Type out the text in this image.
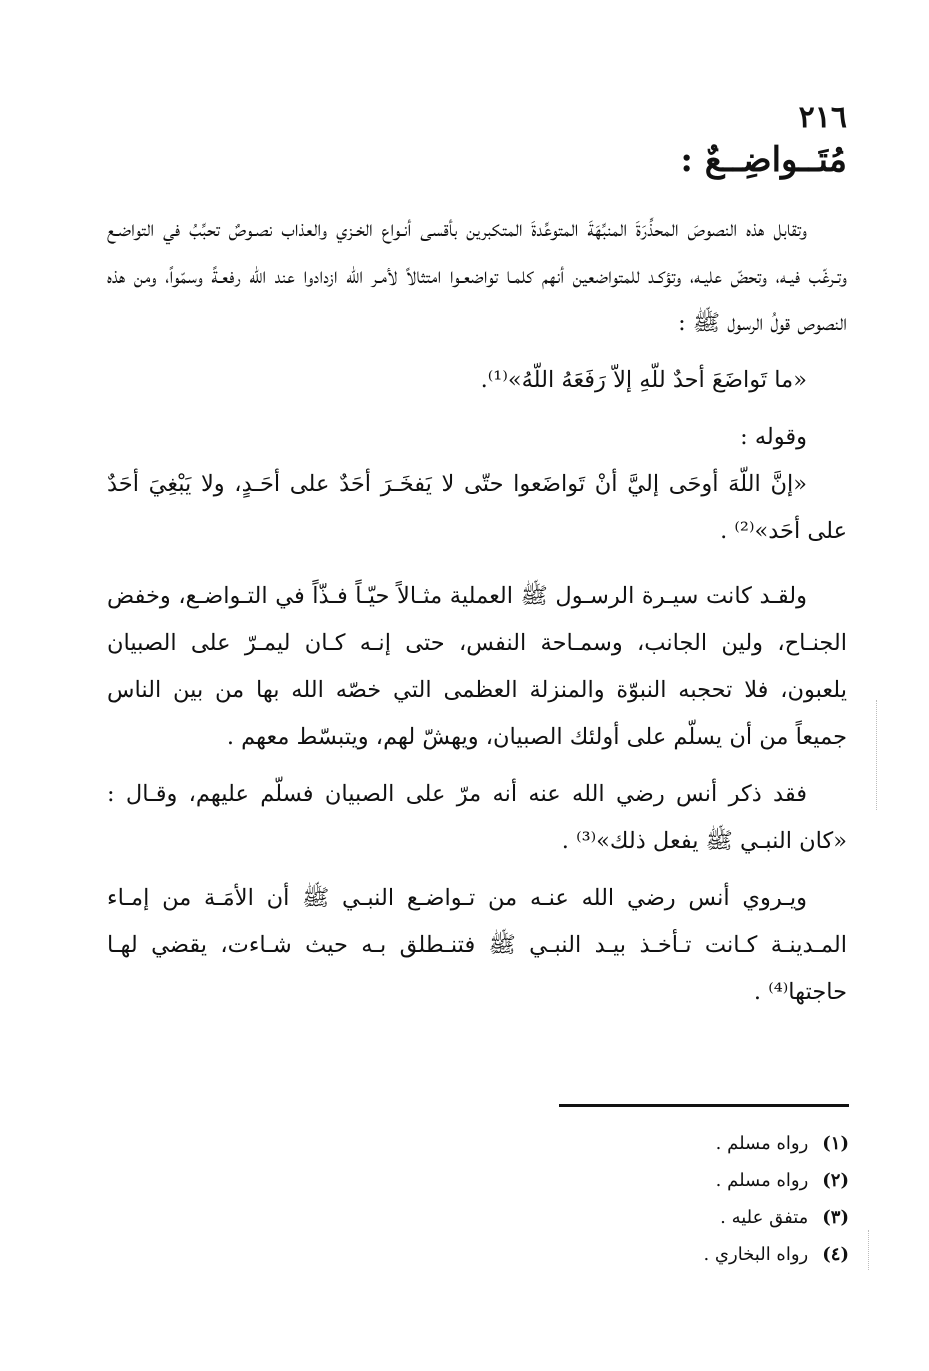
٢١٦

مُتَــواضِــعٌ :

وتقابل هذه النصوصَ المحذِّرَةَ المنبِّهَةَ المتوعِّدةَ المتكبرين بأقسى أنـواع الخـزي والعذاب نصـوصٌ تحبِّبُ في التواضـع وتـرغّب فيـه، وتحضّ عليـه، وتؤكـد للمتواضعين أنهم كلمـا تواضعـوا امتثالاً لأمـر الله ازدادوا عند الله رفعـةً وسمّواً، ومن هذه النصوص قولُ الرسول ﷺ :

«ما تَواضَعَ أحدٌ للّهِ إلاّ رَفَعَهُ اللّهُ»⁽¹⁾.

وقوله :

«إنَّ اللّهَ أوحَى إليَّ أنْ تَواضَعوا حتّى لا يَفخَـرَ أحَدٌ على أحَـدٍ، ولا يَبْغِيَ أحَدٌ على أحَد»⁽²⁾ .

ولقـد كانت سيـرة الرسـول ﷺ العملية مثـالاً حيّـاً فـذّاً في التـواضـع، وخفض الجنـاح، ولين الجانب، وسمـاحة النفس، حتى إنـه كـان ليمـرّ على الصبيان يلعبون، فلا تحجبه النبوّة والمنزلة العظمى التي خصّه الله بها من بين الناس جميعاً من أن يسلّم على أولئك الصبيان، ويهشّ لهم، ويتبسّط معهم .

فقد ذكر أنس رضي الله عنه أنه مرّ على الصبيان فسلّم عليهم، وقـال : «كان النبـي ﷺ يفعل ذلك»⁽³⁾ .

ويـروي أنس رضي الله عنـه من تـواضـع النبـي ﷺ أن الأمَـة من إمـاء المـدينـة كـانت تـأخـذ بيـد النبـي ﷺ فتنـطلق بـه حيث شـاءت، يقضي لهـا حاجتها⁽⁴⁾ .

(١)
رواه مسلم .
(٢)
رواه مسلم .
(٣)
متفق عليه .
(٤)
رواه البخاري .
